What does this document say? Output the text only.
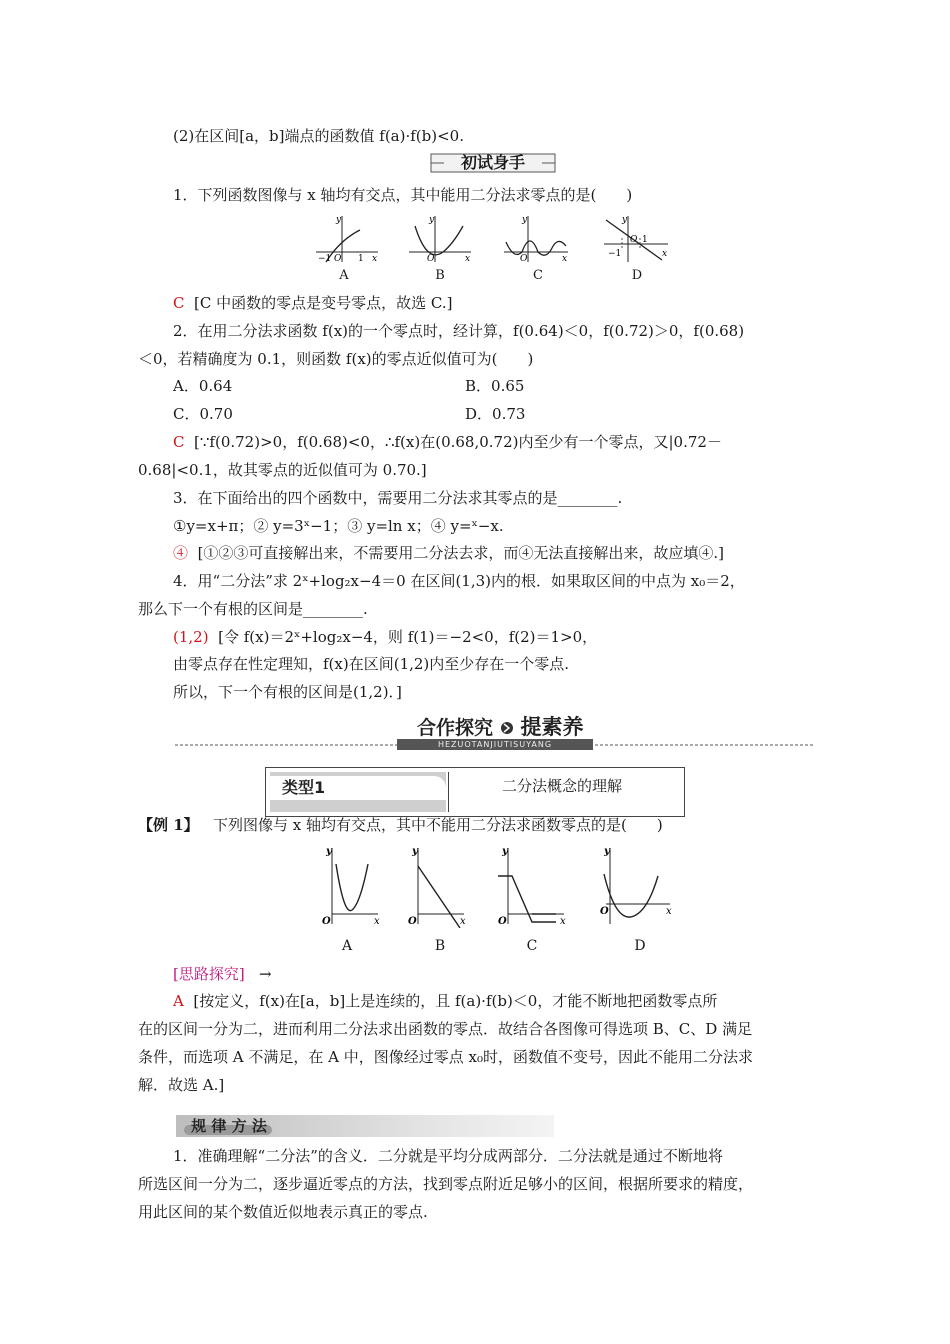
(2)在区间[a，b]端点的函数值 f(a)·f(b)<0.
初试身手
1．下列函数图像与 x 轴均有交点，其中能用二分法求零点的是(　　)
y
x
−1 O 1
y
x
O
y
x
O
y
x
−1
O 1
A	B	C	D
C [C 中函数的零点是变号零点，故选 C.]
2．在用二分法求函数 f(x)的一个零点时，经计算，f(0.64)＜0，f(0.72)＞0，f(0.68)
＜0，若精确度为 0.1，则函数 f(x)的零点近似值可为(　　)
A．0.64	B．0.65
C．0.70	D．0.73
C [∵f(0.72)>0，f(0.68)<0，∴f(x)在(0.68,0.72)内至少有一个零点，又|0.72－
0.68|<0.1，故其零点的近似值可为 0.70.]
3．在下面给出的四个函数中，需要用二分法求其零点的是________.
①y=x+π；② y=3ˣ−1；③ y=ln x；④ y=ˣ−x.
④ [①②③可直接解出来，不需要用二分法去求，而④无法直接解出来，故应填④.]
4．用“二分法”求 2ˣ+log₂x−4＝0 在区间(1,3)内的根．如果取区间的中点为 x₀＝2，
那么下一个有根的区间是________.
(1,2) [令 f(x)＝2ˣ+log₂x−4，则 f(1)＝−2<0，f(2)＝1>0，
由零点存在性定理知，f(x)在区间(1,2)内至少存在一个零点.
所以，下一个有根的区间是(1,2)．]
合作探究	提素养
HEZUOTANJIUTISUYANG
类型1	二分法概念的理解
【例 1】 下列图像与 x 轴均有交点，其中不能用二分法求函数零点的是(　　)
y
x
O
y
x
O
y
x
O
y
x
O
A	B	C	D
[思路探究] →
A [按定义，f(x)在[a，b]上是连续的，且 f(a)·f(b)＜0，才能不断地把函数零点所
在的区间一分为二，进而利用二分法求出函数的零点．故结合各图像可得选项 B、C、D 满足
条件，而选项 A 不满足，在 A 中，图像经过零点 x₀时，函数值不变号，因此不能用二分法求
解．故选 A.]
规 律 方 法
1．准确理解“二分法”的含义．二分就是平均分成两部分．二分法就是通过不断地将
所选区间一分为二，逐步逼近零点的方法，找到零点附近足够小的区间，根据所要求的精度，
用此区间的某个数值近似地表示真正的零点.
